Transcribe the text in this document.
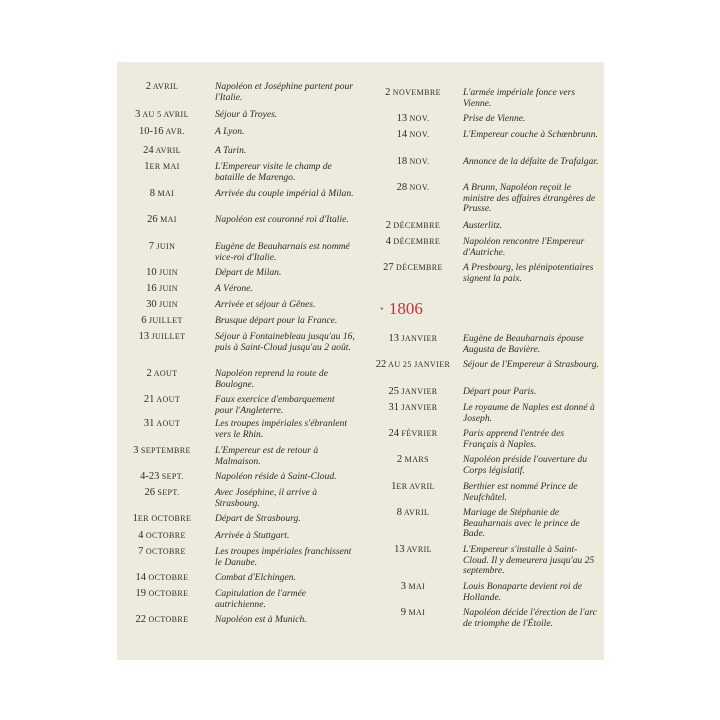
2 AVRIL	Napoléon et Joséphine partent pour l'Italie.
3 AU 5 AVRIL	Séjour à Troyes.
10-16 AVR.	A Lyon.
24 AVRIL	A Turin.
1ER MAI	L'Empereur visite le champ de bataille de Marengo.
8 MAI	Arrivée du couple impérial à Milan.
26 MAI	Napoléon est couronné roi d'Italie.
7 JUIN	Eugène de Beauharnais est nommé vice-roi d'Italie.
10 JUIN	Départ de Milan.
16 JUIN	A Vérone.
30 JUIN	Arrivée et séjour à Gênes.
6 JUILLET	Brusque départ pour la France.
13 JUILLET	Séjour à Fontainebleau jusqu'au 16, puis à Saint-Cloud jusqu'au 2 août.
2 AOUT	Napoléon reprend la route de Boulogne.
21 AOUT	Faux exercice d'embarquement pour l'Angleterre.
31 AOUT	Les troupes impériales s'ébranlent vers le Rhin.
3 SEPTEMBRE	L'Empereur est de retour à Malmaison.
4-23 SEPT.	Napoléon réside à Saint-Cloud.
26 SEPT.	Avec Joséphine, il arrive à Strasbourg.
1ER OCTOBRE	Départ de Strasbourg.
4 OCTOBRE	Arrivée à Stuttgart.
7 OCTOBRE	Les troupes impériales franchissent le Danube.
14 OCTOBRE	Combat d'Elchingen.
19 OCTOBRE	Capitulation de l'armée autrichienne.
22 OCTOBRE	Napoléon est à Munich.
2 NOVEMBRE	L'armée impériale fonce vers Vienne.
13 NOV.	Prise de Vienne.
14 NOV.	L'Empereur couche à Schœnbrunn.
18 NOV.	Annonce de la défaite de Trafalgar.
28 NOV.	A Brunn, Napoléon reçoit le ministre des affaires étrangères de Prusse.
2 DÉCEMBRE	Austerlitz.
4 DÉCEMBRE	Napoléon rencontre l'Empereur d'Autriche.
27 DÉCEMBRE	A Presbourg, les plénipotentiaires signent la paix.
13 JANVIER	Eugène de Beauharnais épouse Augusta de Bavière.
22 AU 25 JANVIER	Séjour de l'Empereur à Strasbourg.
25 JANVIER	Départ pour Paris.
31 JANVIER	Le royaume de Naples est donné à Joseph.
24 FÉVRIER	Paris apprend l'entrée des Français à Naples.
2 MARS	Napoléon préside l'ouverture du Corps législatif.
1ER AVRIL	Berthier est nommé Prince de Neufchâtel.
8 AVRIL	Mariage de Stéphanie de Beauharnais avec le prince de Bade.
13 AVRIL	L'Empereur s'installe à Saint-Cloud. Il y demeurera jusqu'au 25 septembre.
3 MAI	Louis Bonaparte devient roi de Hollande.
9 MAI	Napoléon décide l'érection de l'arc de triomphe de l'Étoile.
· 1806
